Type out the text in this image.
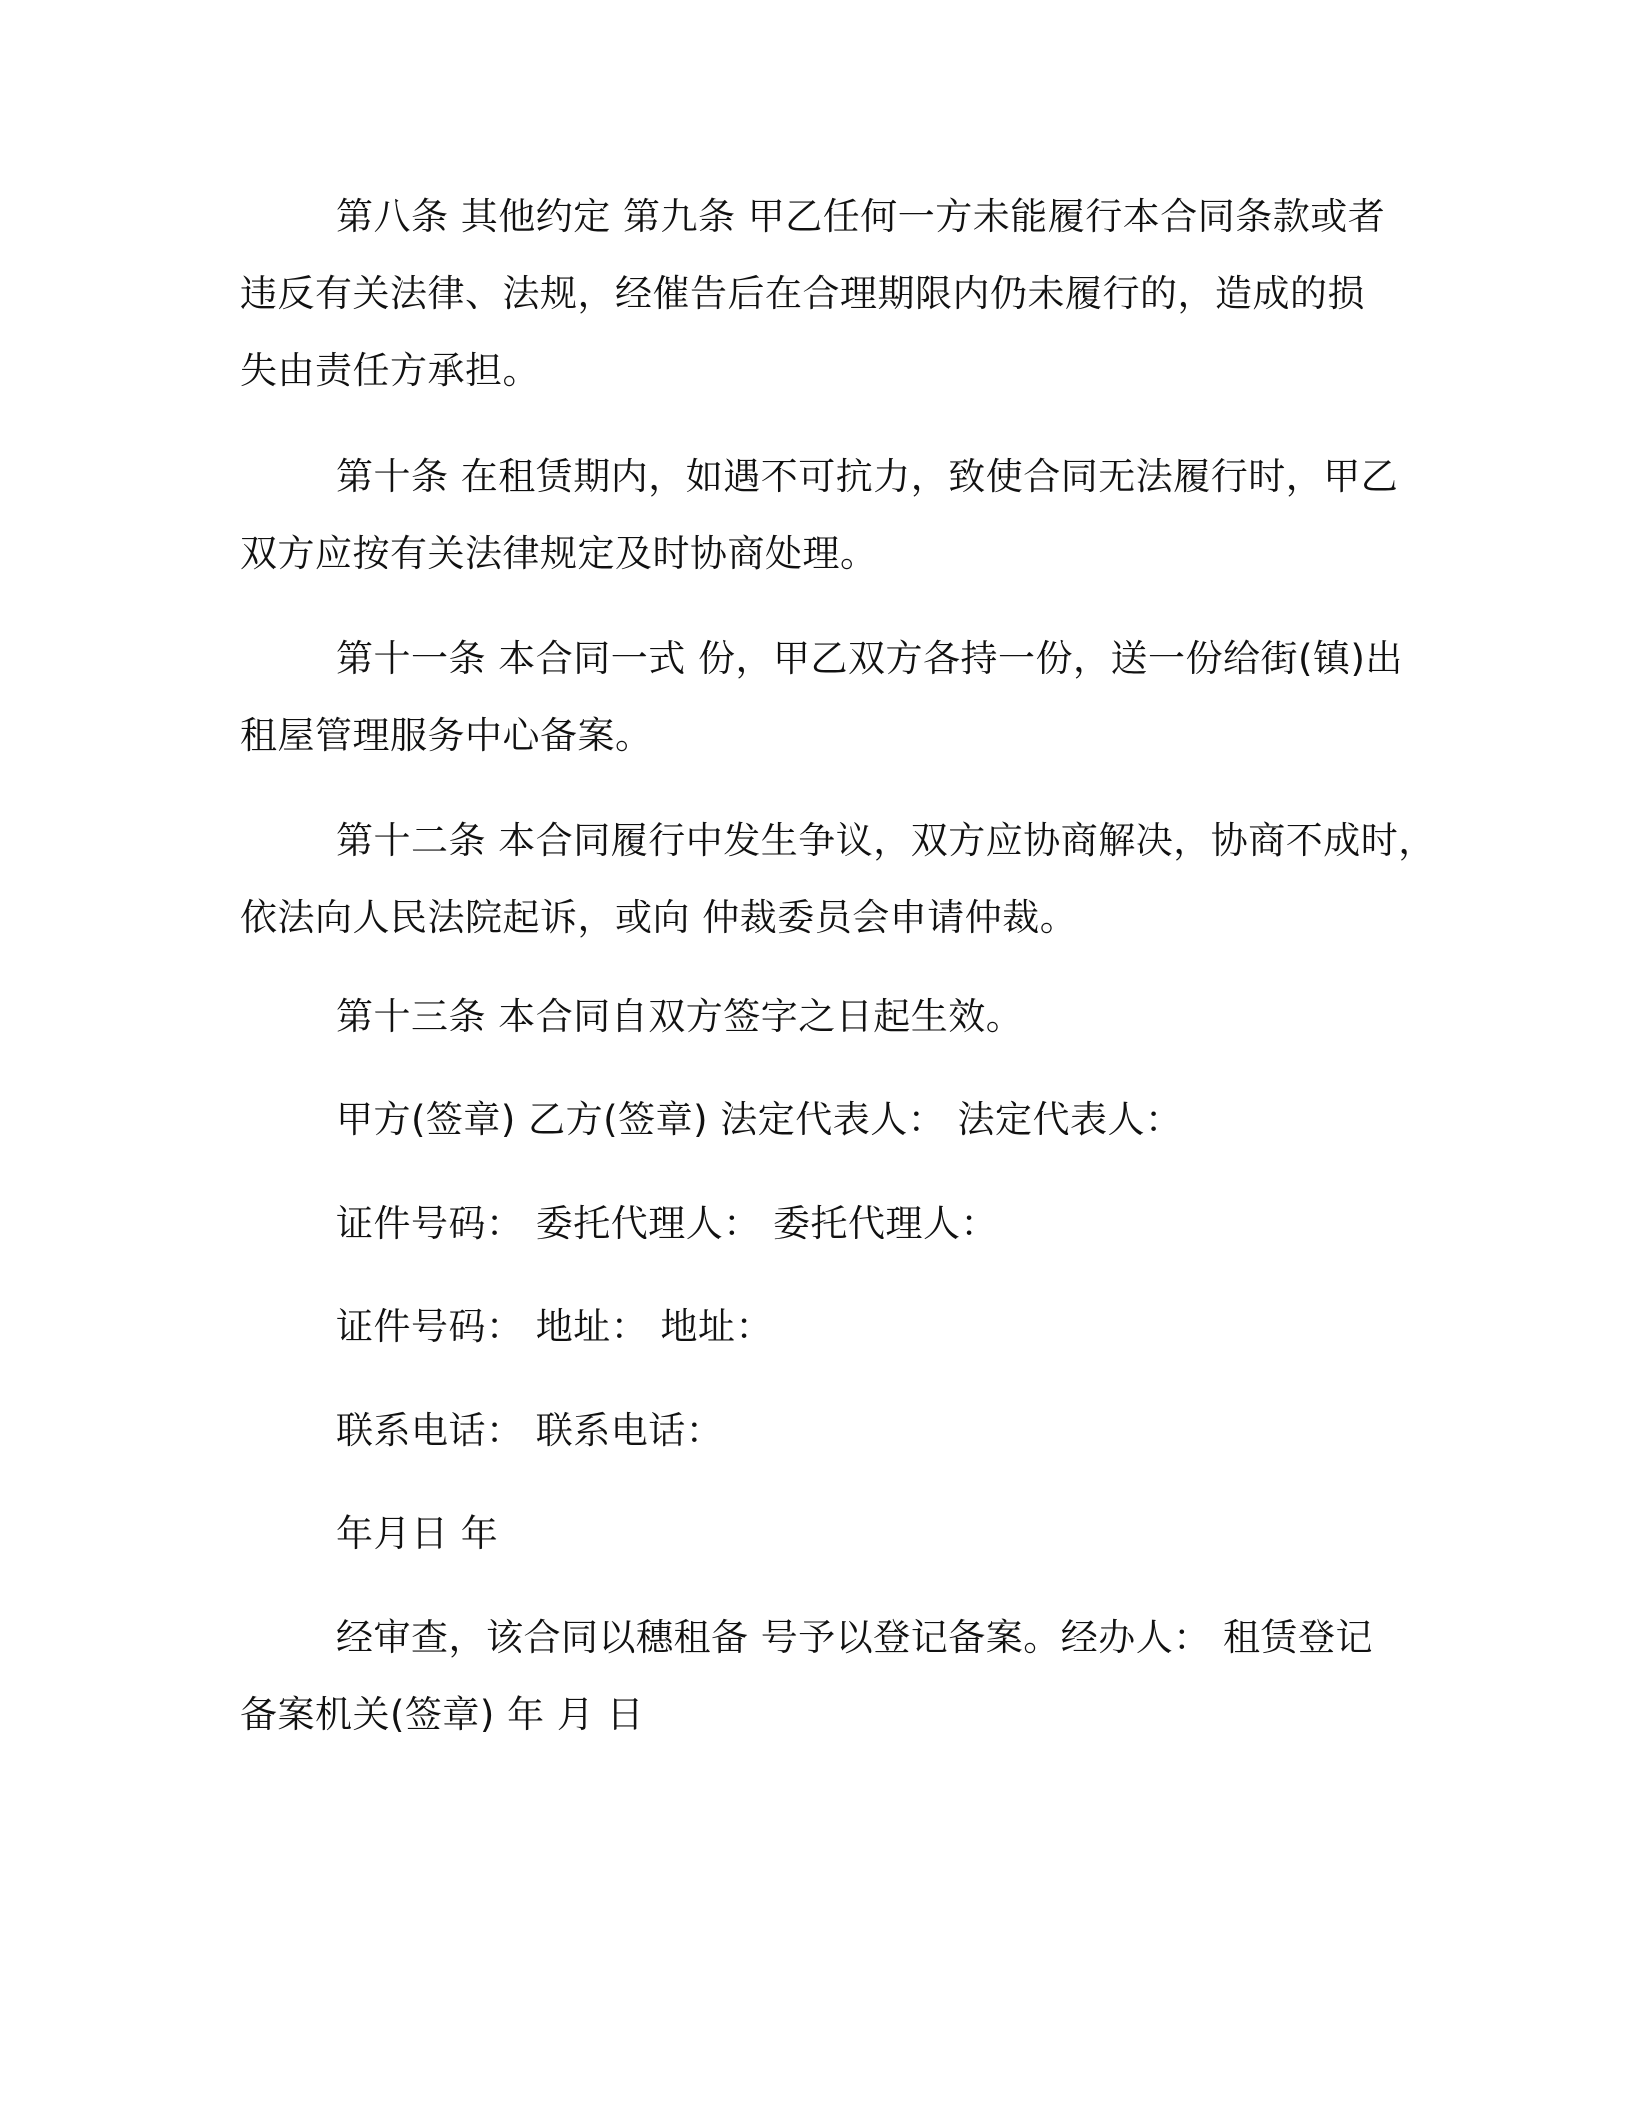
第八条 其他约定 第九条 甲乙任何一方未能履行本合同条款或者
违反有关法律、法规，经催告后在合理期限内仍未履行的，造成的损
失由责任方承担。
第十条 在租赁期内，如遇不可抗力，致使合同无法履行时，甲乙
双方应按有关法律规定及时协商处理。
第十一条 本合同一式 份，甲乙双方各持一份，送一份给街(镇)出
租屋管理服务中心备案。
第十二条 本合同履行中发生争议，双方应协商解决，协商不成时，
依法向人民法院起诉，或向 仲裁委员会申请仲裁。
第十三条 本合同自双方签字之日起生效。
甲方(签章) 乙方(签章) 法定代表人： 法定代表人：
证件号码： 委托代理人： 委托代理人：
证件号码： 地址： 地址：
联系电话： 联系电话：
年月日 年
经审查，该合同以穗租备 号予以登记备案。经办人： 租赁登记
备案机关(签章) 年 月 日
